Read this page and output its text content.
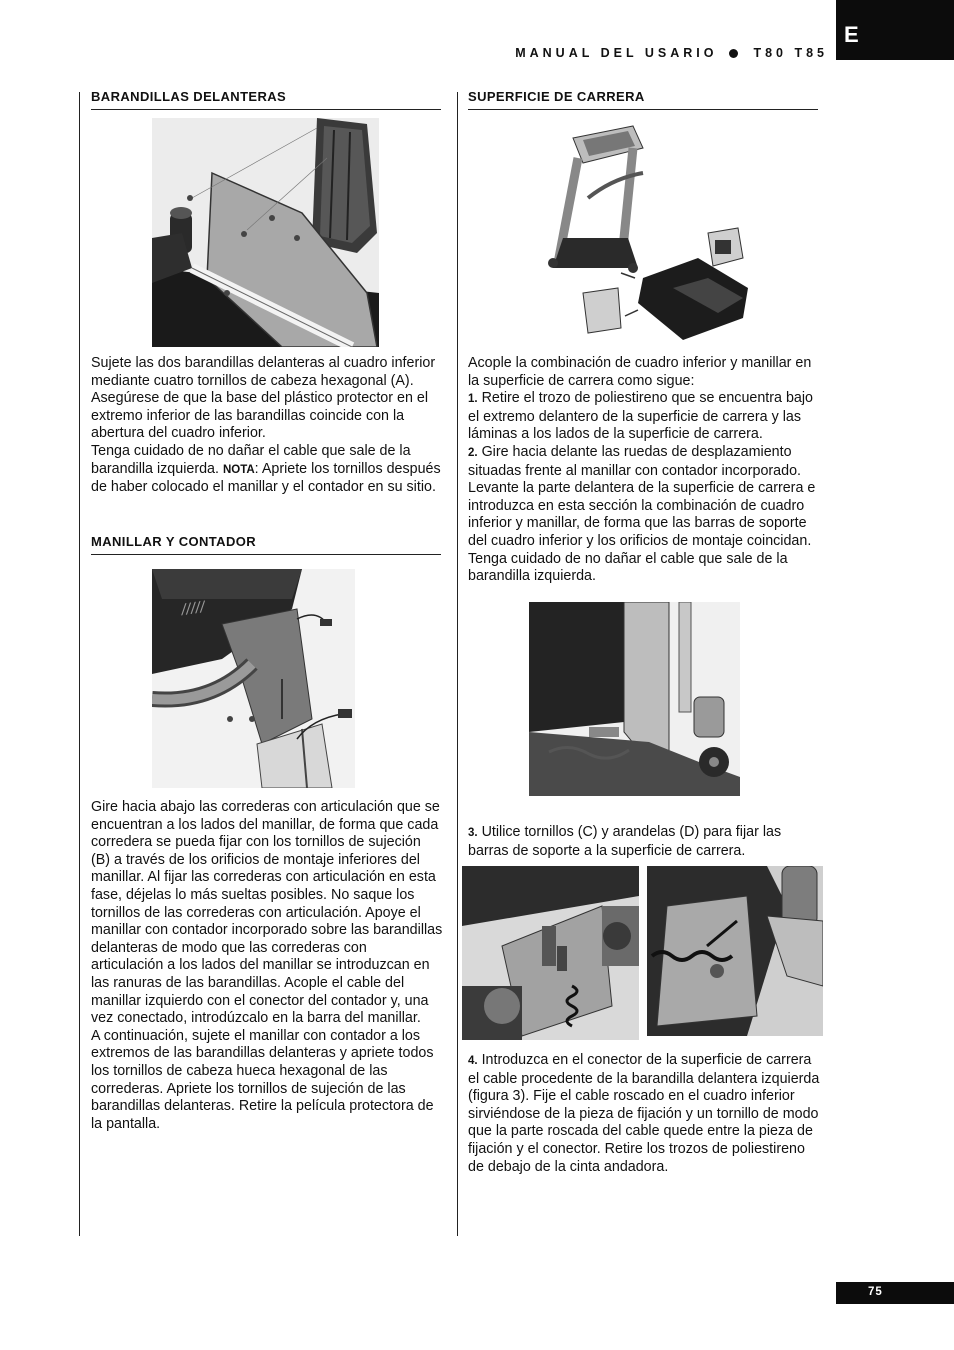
E
MANUAL DEL USARIO	T80 T85
BARANDILLAS DELANTERAS

Sujete las dos barandillas delanteras al cuadro inferior mediante cuatro tornillos de cabeza hexagonal (A). Asegúrese de que la base del plástico protector en el extremo inferior de las barandillas coincide con la abertura del cuadro inferior.

Tenga cuidado de no dañar el cable que sale de la barandilla izquierda. NOTA: Apriete los tornillos después de haber colocado el manillar y el contador en su sitio.

MANILLAR Y CONTADOR
/////

Gire hacia abajo las correderas con articulación que se encuentran a los lados del manillar, de forma que cada corredera se pueda fijar con los tornillos de sujeción (B) a través de los orificios de montaje inferiores del manillar. Al fijar las correderas con articulación en esta fase, déjelas lo más sueltas posibles. No saque los tornillos de las correderas con articulación. Apoye el manillar con contador incorporado sobre las barandillas delanteras de modo que las correderas con articulación a los lados del manillar se introduzcan en las ranuras de las barandillas. Acople el cable del manillar izquierdo con el conector del contador y, una vez conectado, introdúzcalo en la barra del manillar.

A continuación, sujete el manillar con contador a los extremos de las barandillas delanteras y apriete todos los tornillos de cabeza hueca hexagonal de las correderas. Apriete los tornillos de sujeción de las barandillas delanteras. Retire la película protectora de la pantalla.

SUPERFICIE DE CARRERA

Acople la combinación de cuadro inferior y manillar en la superficie de carrera como sigue:

1. Retire el trozo de poliestireno que se encuentra bajo el extremo delantero de la superficie de carrera y las láminas a los lados de la superficie de carrera.

2. Gire hacia delante las ruedas de desplazamiento situadas frente al manillar con contador incorporado. Levante la parte delantera de la superficie de carrera e introduzca en esta sección la combinación de cuadro inferior y manillar, de forma que las barras de soporte del cuadro inferior y los orificios de montaje coincidan. Tenga cuidado de no dañar el cable que sale de la barandilla izquierda.

3. Utilice tornillos (C) y arandelas (D) para fijar las barras de soporte a la superficie de carrera.

4. Introduzca en el conector de la superficie de carrera el cable procedente de la barandilla delantera izquierda (figura 3). Fije el cable roscado en el cuadro inferior sirviéndose de la pieza de fijación y un tornillo de modo que la parte roscada del cable quede entre la pieza de fijación y el conector. Retire los trozos de poliestireno de debajo de la cinta andadora.

75
